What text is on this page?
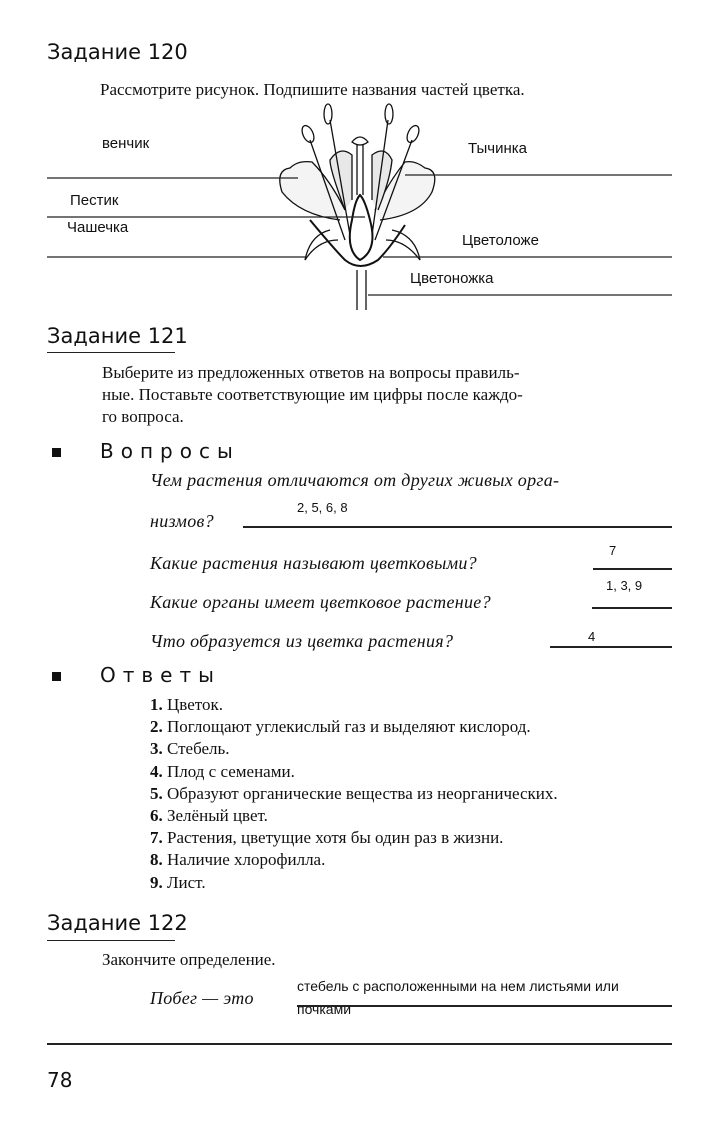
Задание 120
Рассмотрите рисунок. Подпишите названия частей цветка.
венчик
Пестик
Чашечка
Тычинка
Цветоложе
Цветоножка
Задание 121
Выберите из предложенных ответов на вопросы правиль-
ные. Поставьте соответствующие им цифры после каждо-
го вопроса.
Вопросы
Чем растения отличаются от других живых орга-
низмов?
2, 5, 6, 8
Какие растения называют цветковыми?
7
Какие органы имеет цветковое растение?
1, 3, 9
Что образуется из цветка растения?	4
Ответы
1. Цветок.
2. Поглощают углекислый газ и выделяют кислород.
3. Стебель.
4. Плод с семенами.
5. Образуют органические вещества из неорганических.
6. Зелёный цвет.
7. Растения, цветущие хотя бы один раз в жизни.
8. Наличие хлорофилла.
9. Лист.
Задание 122
Закончите определение.
Побег — это
стебель с расположенными на нем листьями или
почками
78
